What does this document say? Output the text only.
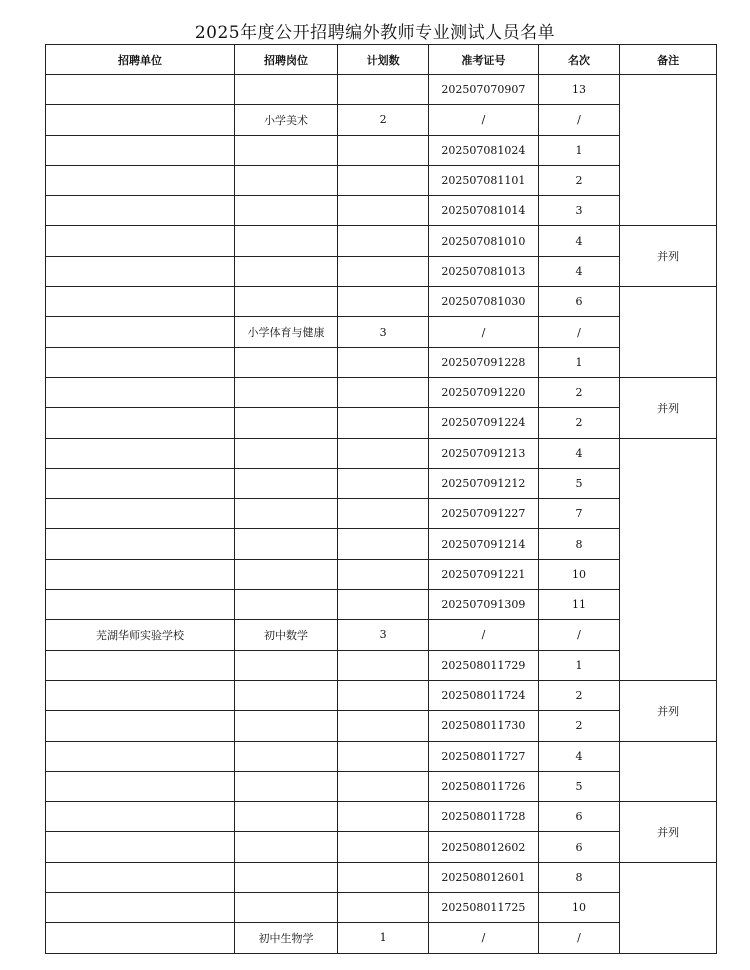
2025年度公开招聘编外教师专业测试人员名单
招聘单位	招聘岗位	计划数	准考证号	名次	备注
			202507070907	13	
	小学美术	2	/	/	
			202507081024	1	
			202507081101	2	
			202507081014	3	
			202507081010	4	并列
			202507081013	4	
			202507081030	6	
	小学体育与健康	3	/	/	
			202507091228	1	
			202507091220	2	并列
			202507091224	2	
			202507091213	4	
			202507091212	5	
			202507091227	7	
			202507091214	8	
			202507091221	10	
			202507091309	11	
芜湖华师实验学校	初中数学	3	/	/	
			202508011729	1	
			202508011724	2	并列
			202508011730	2	
			202508011727	4	
			202508011726	5	
			202508011728	6	并列
			202508012602	6	
			202508012601	8	
			202508011725	10	
	初中生物学	1	/	/	
